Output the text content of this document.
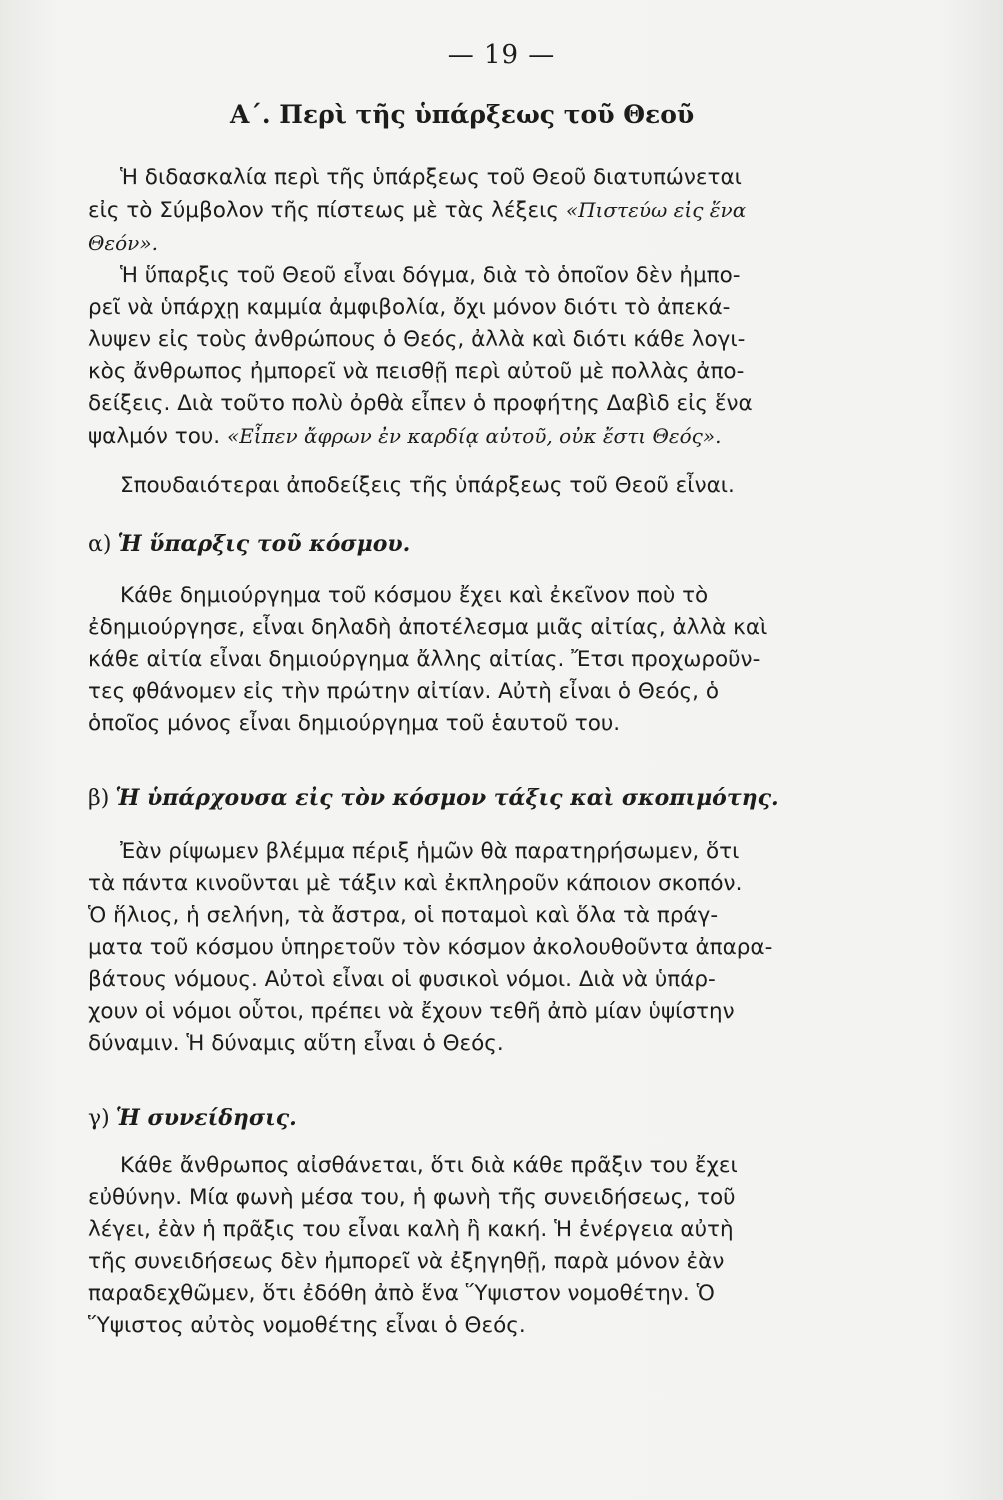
— 19 —
Α΄. Περὶ τῆς ὑπάρξεως τοῦ Θεοῦ
Ἡ διδασκαλία περὶ τῆς ὑπάρξεως τοῦ Θεοῦ διατυπώνεται
εἰς τὸ Σύμβολον τῆς πίστεως μὲ τὰς λέξεις «Πιστεύω εἰς ἕνα
Θεόν».
Ἡ ὕπαρξις τοῦ Θεοῦ εἶναι δόγμα, διὰ τὸ ὁποῖον δὲν ἠμπο-
ρεῖ νὰ ὑπάρχῃ καμμία ἀμφιβολία, ὄχι μόνον διότι τὸ ἀπεκά-
λυψεν εἰς τοὺς ἀνθρώπους ὁ Θεός, ἀλλὰ καὶ διότι κάθε λογι-
κὸς ἄνθρωπος ἠμπορεῖ νὰ πεισθῇ περὶ αὐτοῦ μὲ πολλὰς ἀπο-
δείξεις. Διὰ τοῦτο πολὺ ὀρθὰ εἶπεν ὁ προφήτης Δαβὶδ εἰς ἕνα
ψαλμόν του. «Εἶπεν ἄφρων ἐν καρδίᾳ αὐτοῦ, οὐκ ἔστι Θεός».
Σπουδαιότεραι ἀποδείξεις τῆς ὑπάρξεως τοῦ Θεοῦ εἶναι.
α) Ἡ ὕπαρξις τοῦ κόσμου.
Κάθε δημιούργημα τοῦ κόσμου ἔχει καὶ ἐκεῖνον ποὺ τὸ
ἐδημιούργησε, εἶναι δηλαδὴ ἀποτέλεσμα μιᾶς αἰτίας, ἀλλὰ καὶ
κάθε αἰτία εἶναι δημιούργημα ἄλλης αἰτίας. Ἔτσι προχωροῦν-
τες φθάνομεν εἰς τὴν πρώτην αἰτίαν. Αὐτὴ εἶναι ὁ Θεός, ὁ
ὁποῖος μόνος εἶναι δημιούργημα τοῦ ἑαυτοῦ του.
β) Ἡ ὑπάρχουσα εἰς τὸν κόσμον τάξις καὶ σκοπιμότης.
Ἐὰν ρίψωμεν βλέμμα πέριξ ἡμῶν θὰ παρατηρήσωμεν, ὅτι
τὰ πάντα κινοῦνται μὲ τάξιν καὶ ἐκπληροῦν κάποιον σκοπόν.
Ὁ ἥλιος, ἡ σελήνη, τὰ ἄστρα, οἱ ποταμοὶ καὶ ὅλα τὰ πράγ-
ματα τοῦ κόσμου ὑπηρετοῦν τὸν κόσμον ἀκολουθοῦντα ἀπαρα-
βάτους νόμους. Αὐτοὶ εἶναι οἱ φυσικοὶ νόμοι. Διὰ νὰ ὑπάρ-
χουν οἱ νόμοι οὗτοι, πρέπει νὰ ἔχουν τεθῆ ἀπὸ μίαν ὑψίστην
δύναμιν. Ἡ δύναμις αὕτη εἶναι ὁ Θεός.
γ) Ἡ συνείδησις.
Κάθε ἄνθρωπος αἰσθάνεται, ὅτι διὰ κάθε πρᾶξιν του ἔχει
εὐθύνην. Μία φωνὴ μέσα του, ἡ φωνὴ τῆς συνειδήσεως, τοῦ
λέγει, ἐὰν ἡ πρᾶξις του εἶναι καλὴ ἢ κακή. Ἡ ἐνέργεια αὐτὴ
τῆς συνειδήσεως δὲν ἠμπορεῖ νὰ ἐξηγηθῇ, παρὰ μόνον ἐὰν
παραδεχθῶμεν, ὅτι ἐδόθη ἀπὸ ἕνα Ὕψιστον νομοθέτην. Ὁ
Ὕψιστος αὐτὸς νομοθέτης εἶναι ὁ Θεός.
